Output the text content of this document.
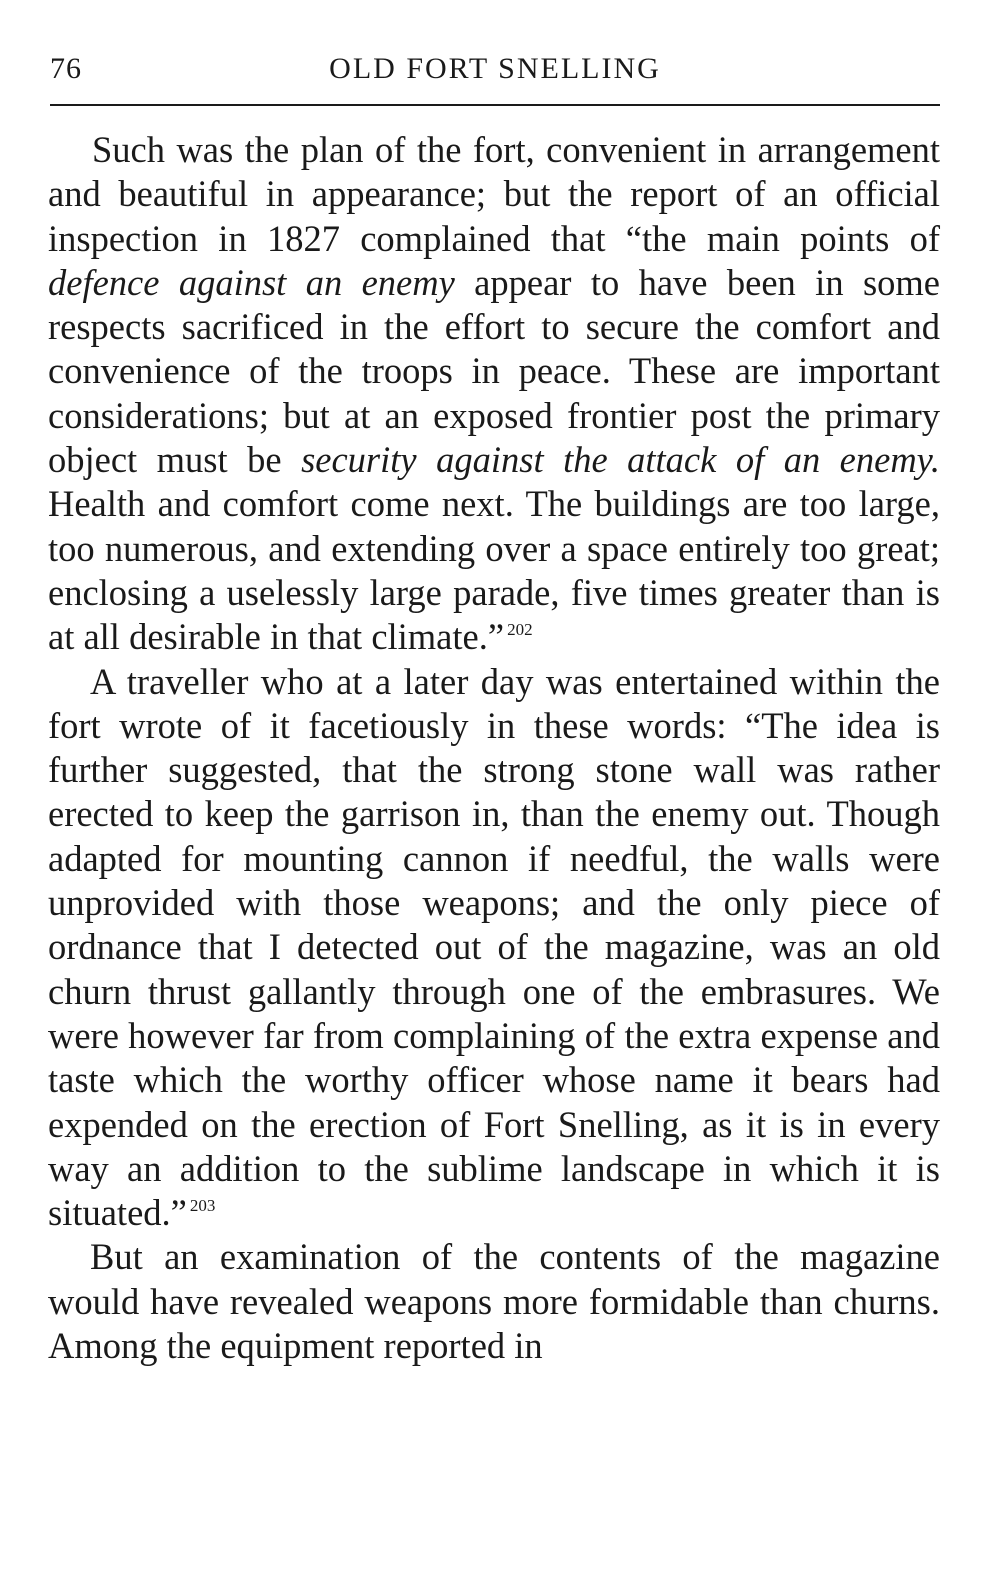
76	OLD FORT SNELLING

Such was the plan of the fort, convenient in arrangement and beautiful in appearance; but the report of an official inspection in 1827 complained that “the main points of defence against an enemy appear to have been in some respects sacrificed in the effort to secure the comfort and convenience of the troops in peace. These are important considerations; but at an exposed frontier post the primary object must be security against the attack of an enemy. Health and comfort come next. The buildings are too large, too numerous, and extending over a space entirely too great; enclosing a uselessly large parade, five times greater than is at all desirable in that climate.” $^{202}$

A traveller who at a later day was entertained within the fort wrote of it facetiously in these words: “The idea is further suggested, that the strong stone wall was rather erected to keep the garrison in, than the enemy out. Though adapted for mounting cannon if needful, the walls were unprovided with those weapons; and the only piece of ordnance that I detected out of the magazine, was an old churn thrust gallantly through one of the embrasures. We were however far from complaining of the extra expense and taste which the worthy officer whose name it bears had expended on the erection of Fort Snelling, as it is in every way an addition to the sublime landscape in which it is situated.” $^{203}$

But an examination of the contents of the magazine would have revealed weapons more formidable than churns. Among the equipment reported in
